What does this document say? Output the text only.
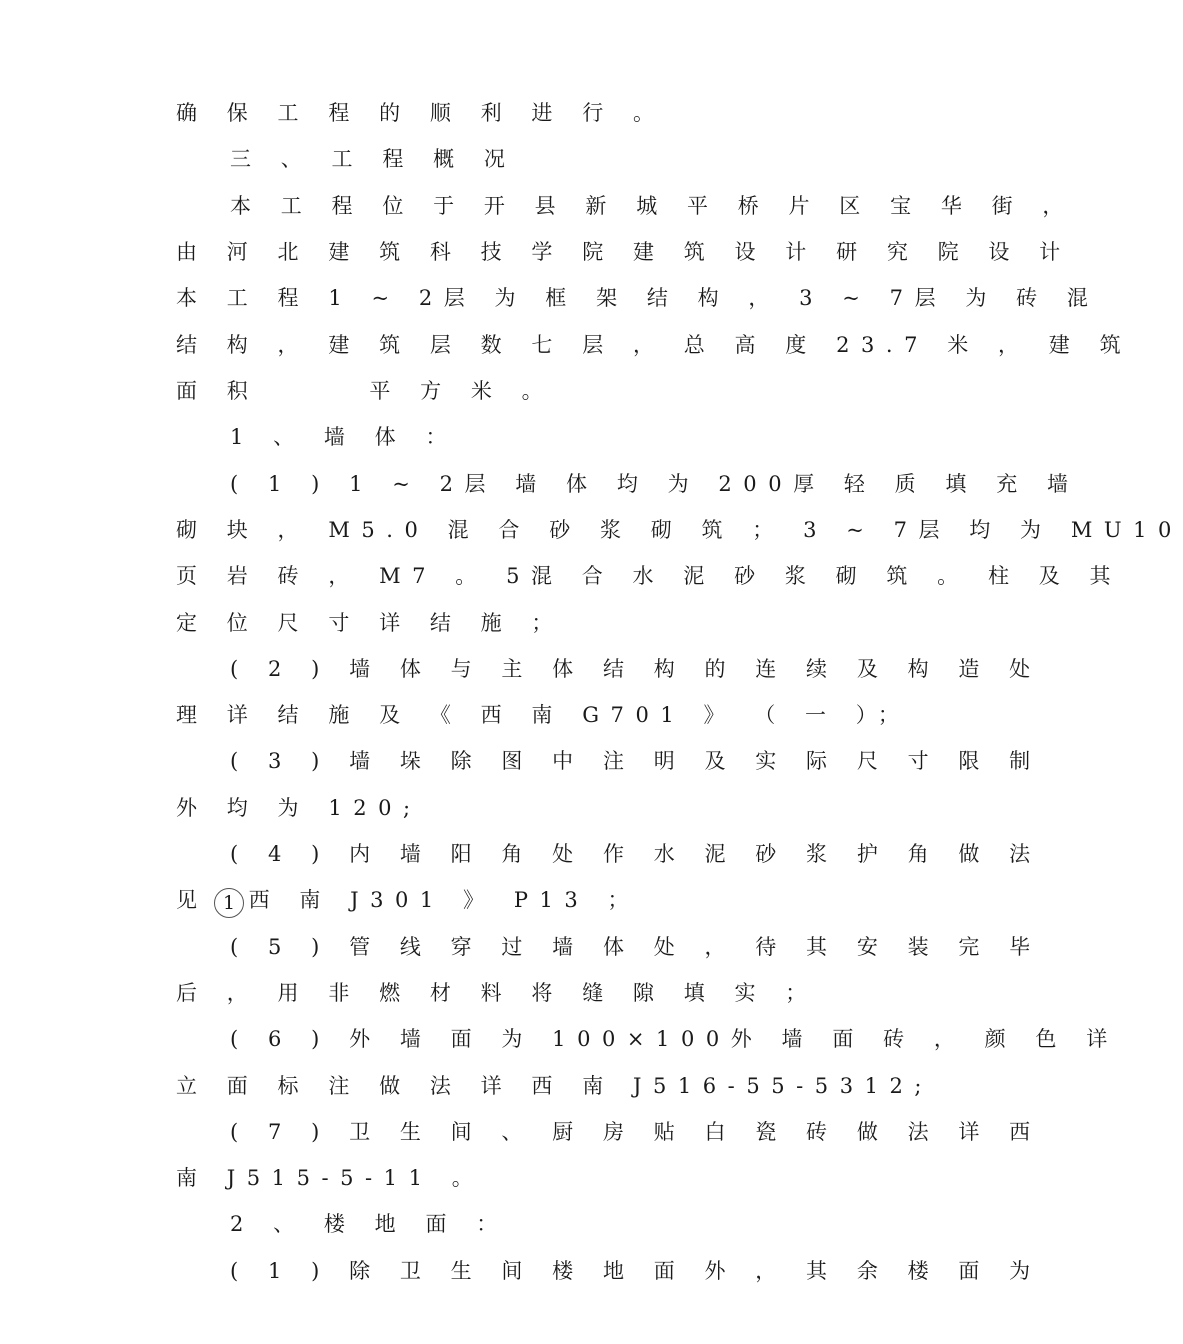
确 保 工 程 的 顺 利 进 行 。
三 、 工 程 概 况
本 工 程 位 于 开 县 新 城 平 桥 片 区 宝 华 街 ，
由 河 北 建 筑 科 技 学 院 建 筑 设 计 研 究 院 设 计
本 工 程 1 ~ 2层 为 框 架 结 构 ， 3 ~ 7层 为 砖 混
结 构 ， 建 筑 层 数 七 层 ， 总 高 度 23.7 米 ， 建 筑
面 积	平 方 米 。
1 、 墙 体 ：
( 1 ) 1 ~ 2层 墙 体 均 为 200厚 轻 质 填 充 墙
砌 块 ， M5.0 混 合 砂 浆 砌 筑 ； 3 ~ 7层 均 为 MU10
页 岩 砖 ， M7 。 5混 合 水 泥 砂 浆 砌 筑 。 柱 及 其
定 位 尺 寸 详 结 施 ；
( 2 ) 墙 体 与 主 体 结 构 的 连 续 及 构 造 处
理 详 结 施 及 《 西 南 G701 》 （ 一 ）；
( 3 ) 墙 垛 除 图 中 注 明 及 实 际 尺 寸 限 制
外 均 为 120;
( 4 ) 内 墙 阳 角 处 作 水 泥 砂 浆 护 角 做 法
见 西 南 J301 》 P13 ；
1
( 5 ) 管 线 穿 过 墙 体 处 ， 待 其 安 装 完 毕
后 ， 用 非 燃 材 料 将 缝 隙 填 实 ；
( 6 ) 外 墙 面 为 100×100外 墙 面 砖 ， 颜 色 详
立 面 标 注 做 法 详 西 南 J516-55-5312;
( 7 ) 卫 生 间 、 厨 房 贴 白 瓷 砖 做 法 详 西
南 J515-5-11 。
2 、 楼 地 面 ：
( 1 ) 除 卫 生 间 楼 地 面 外 ， 其 余 楼 面 为
